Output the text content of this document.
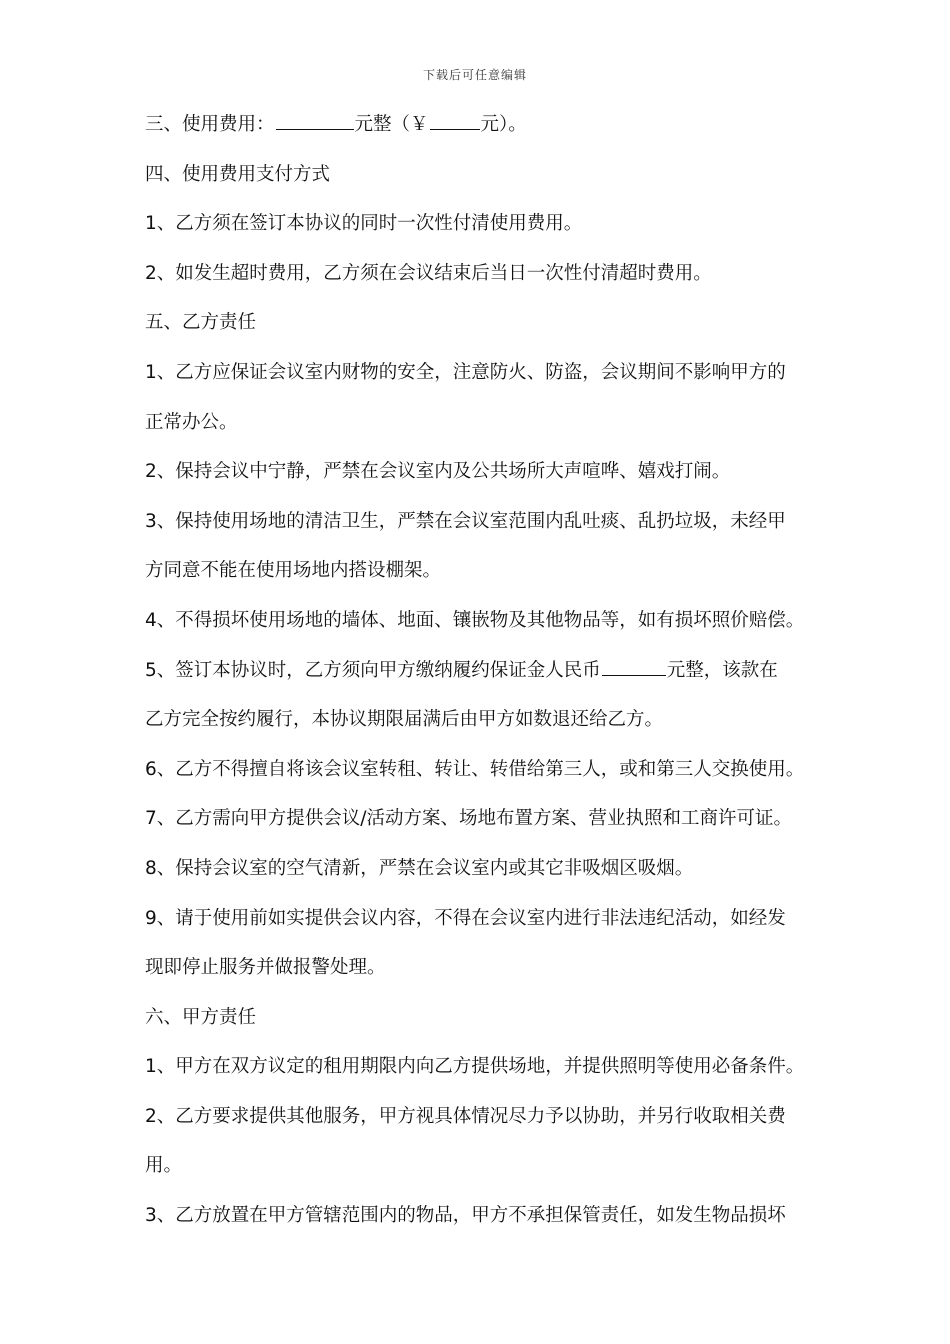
下载后可任意编辑
三、使用费用：	元整（￥	元）。
四、使用费用支付方式
1、乙方须在签订本协议的同时一次性付清使用费用。
2、如发生超时费用，乙方须在会议结束后当日一次性付清超时费用。
五、乙方责任
1、乙方应保证会议室内财物的安全，注意防火、防盗，会议期间不影响甲方的
正常办公。
2、保持会议中宁静，严禁在会议室内及公共场所大声喧哗、嬉戏打闹。
3、保持使用场地的清洁卫生，严禁在会议室范围内乱吐痰、乱扔垃圾，未经甲
方同意不能在使用场地内搭设棚架。
4、不得损坏使用场地的墙体、地面、镶嵌物及其他物品等，如有损坏照价赔偿。
5、签订本协议时，乙方须向甲方缴纳履约保证金人民币	元整，该款在
乙方完全按约履行，本协议期限届满后由甲方如数退还给乙方。
6、乙方不得擅自将该会议室转租、转让、转借给第三人，或和第三人交换使用。
7、乙方需向甲方提供会议/活动方案、场地布置方案、营业执照和工商许可证。
8、保持会议室的空气清新，严禁在会议室内或其它非吸烟区吸烟。
9、请于使用前如实提供会议内容，不得在会议室内进行非法违纪活动，如经发
现即停止服务并做报警处理。
六、甲方责任
1、甲方在双方议定的租用期限内向乙方提供场地，并提供照明等使用必备条件。
2、乙方要求提供其他服务，甲方视具体情况尽力予以协助，并另行收取相关费
用。
3、乙方放置在甲方管辖范围内的物品，甲方不承担保管责任，如发生物品损坏
